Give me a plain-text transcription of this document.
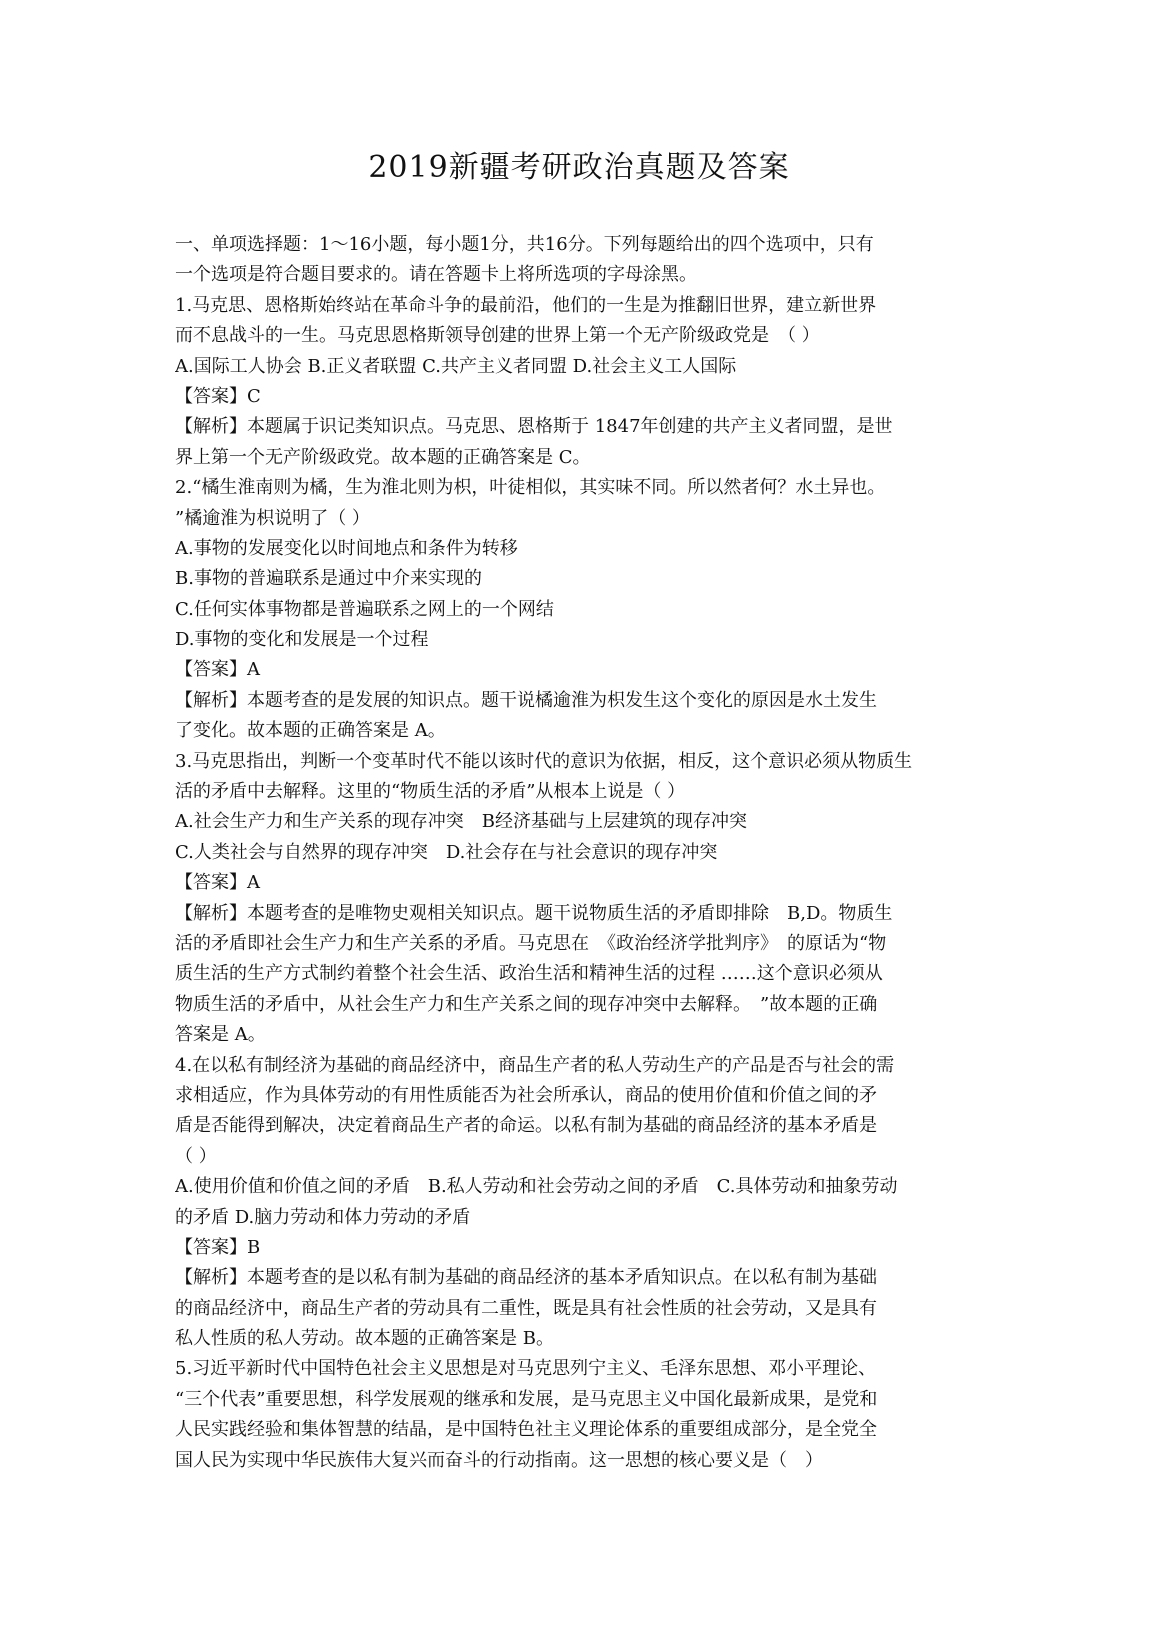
2019新疆考研政治真题及答案
一、单项选择题：1～16小题，每小题1分，共16分。下列每题给出的四个选项中，只有
一个选项是符合题目要求的。请在答题卡上将所选项的字母涂黑。
1.马克思、恩格斯始终站在革命斗争的最前沿，他们的一生是为推翻旧世界，建立新世界
而不息战斗的一生。马克思恩格斯领导创建的世界上第一个无产阶级政党是　（ ）
A.国际工人协会 B.正义者联盟 C.共产主义者同盟 D.社会主义工人国际
【答案】C
【解析】本题属于识记类知识点。马克思、恩格斯于 1847年创建的共产主义者同盟，是世
界上第一个无产阶级政党。故本题的正确答案是 C。
2.“橘生淮南则为橘，生为淮北则为枳，叶徒相似，其实味不同。所以然者何？水土异也。
”橘逾淮为枳说明了（ ）
A.事物的发展变化以时间地点和条件为转移
B.事物的普遍联系是通过中介来实现的
C.任何实体事物都是普遍联系之网上的一个网结
D.事物的变化和发展是一个过程
【答案】A
【解析】本题考查的是发展的知识点。题干说橘逾淮为枳发生这个变化的原因是水土发生
了变化。故本题的正确答案是 A。
3.马克思指出，判断一个变革时代不能以该时代的意识为依据，相反，这个意识必须从物质生
活的矛盾中去解释。这里的“物质生活的矛盾”从根本上说是（ ）
A.社会生产力和生产关系的现存冲突　B经济基础与上层建筑的现存冲突
C.人类社会与自然界的现存冲突　D.社会存在与社会意识的现存冲突
【答案】A
【解析】本题考查的是唯物史观相关知识点。题干说物质生活的矛盾即排除　B,D。物质生
活的矛盾即社会生产力和生产关系的矛盾。马克思在　《政治经济学批判序》　的原话为“物
质生活的生产方式制约着整个社会生活、政治生活和精神生活的过程 ……这个意识必须从
物质生活的矛盾中，从社会生产力和生产关系之间的现存冲突中去解释。　”故本题的正确
答案是 A。
4.在以私有制经济为基础的商品经济中，商品生产者的私人劳动生产的产品是否与社会的需
求相适应，作为具体劳动的有用性质能否为社会所承认，商品的使用价值和价值之间的矛
盾是否能得到解决，决定着商品生产者的命运。以私有制为基础的商品经济的基本矛盾是
（ ）
A.使用价值和价值之间的矛盾　B.私人劳动和社会劳动之间的矛盾　C.具体劳动和抽象劳动
的矛盾 D.脑力劳动和体力劳动的矛盾
【答案】B
【解析】本题考查的是以私有制为基础的商品经济的基本矛盾知识点。在以私有制为基础
的商品经济中，商品生产者的劳动具有二重性，既是具有社会性质的社会劳动，又是具有
私人性质的私人劳动。故本题的正确答案是 B。
5.习近平新时代中国特色社会主义思想是对马克思列宁主义、毛泽东思想、邓小平理论、
“三个代表”重要思想，科学发展观的继承和发展，是马克思主义中国化最新成果，是党和
人民实践经验和集体智慧的结晶，是中国特色社主义理论体系的重要组成部分，是全党全
国人民为实现中华民族伟大复兴而奋斗的行动指南。这一思想的核心要义是（　）
